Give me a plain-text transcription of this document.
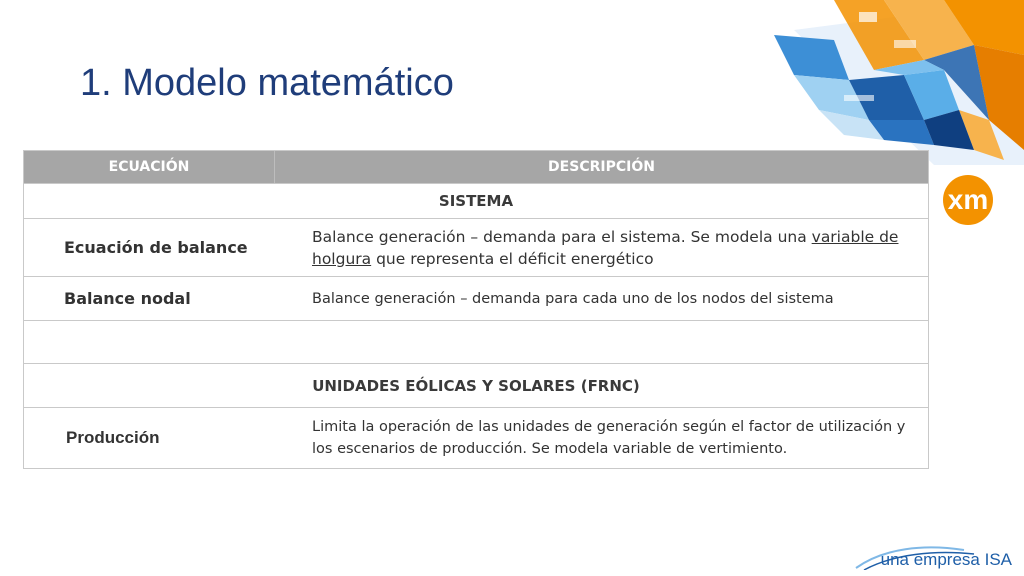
1. Modelo matemático
xm
ECUACIÓN	DESCRIPCIÓN
SISTEMA
Ecuación de balance
Balance generación – demanda para el sistema. Se modela una variable de holgura que representa el déficit energético
Balance nodal	Balance generación – demanda para cada uno de los nodos del sistema
UNIDADES EÓLICAS Y SOLARES (FRNC)
Producción
Limita la operación de las unidades de generación según el factor de utilización y los escenarios de producción. Se modela variable de vertimiento.
una empresa ISA
